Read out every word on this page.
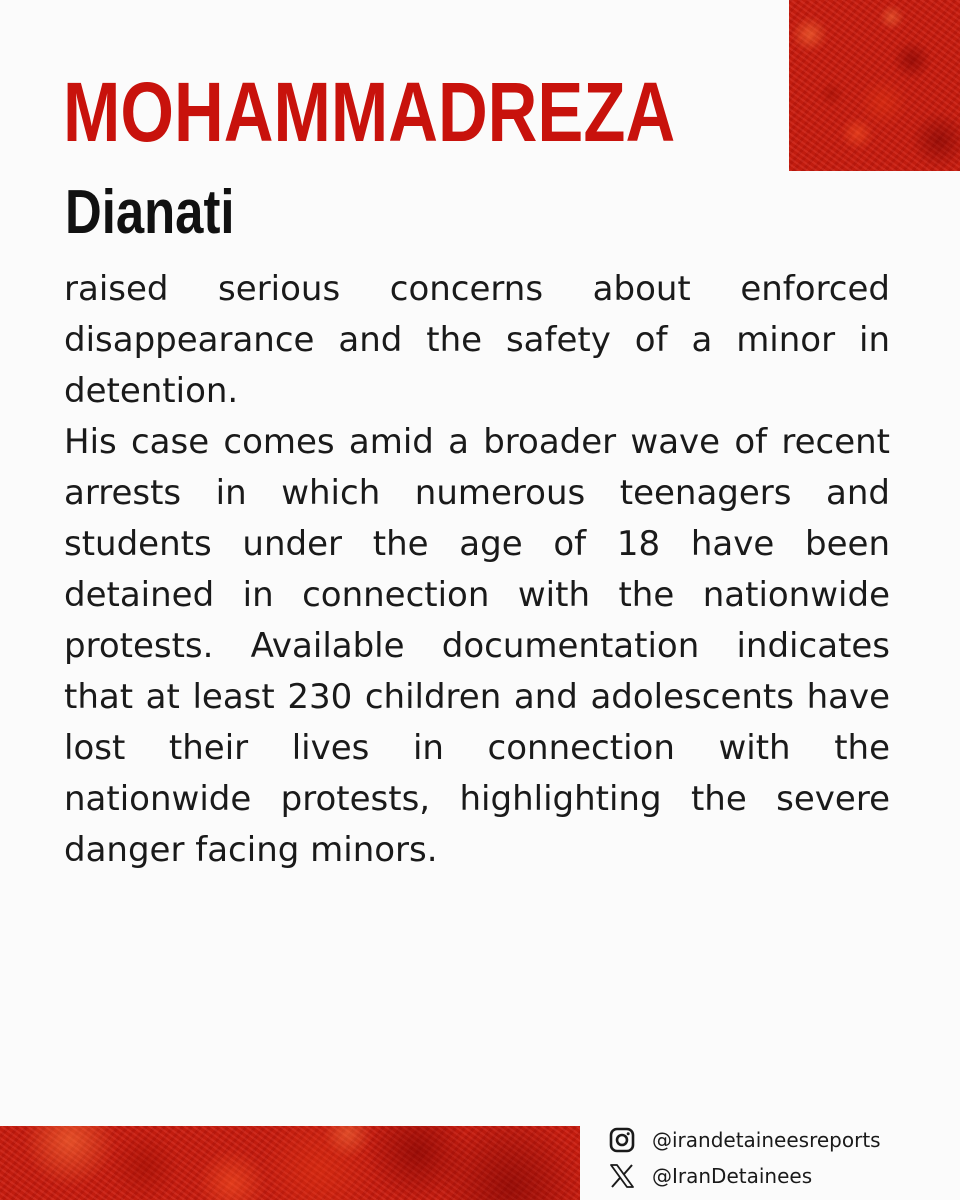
MOHAMMADREZA
Dianati

raised serious concerns about enforced disappearance and the safety of a minor in detention.

His case comes amid a broader wave of recent arrests in which numerous teenagers and students under the age of 18 have been detained in connection with the nationwide protests. Available documentation indicates that at least 230 children and adolescents have lost their lives in connection with the nationwide protests, highlighting the severe danger facing minors.

@irandetaineesreports
@IranDetainees
